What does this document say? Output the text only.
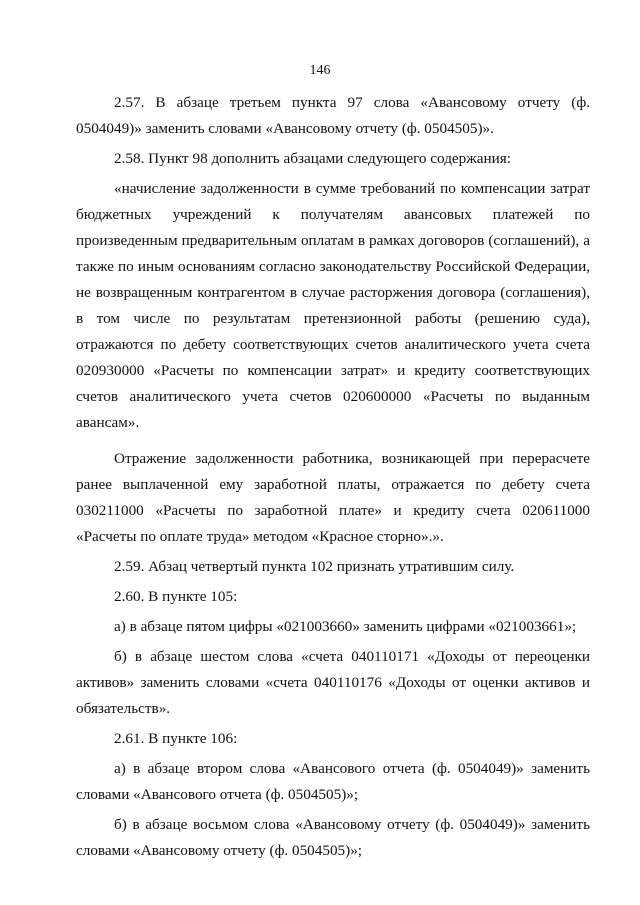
146

2.57. В абзаце третьем пункта 97 слова «Авансовому отчету (ф. 0504049)» заменить словами «Авансовому отчету (ф. 0504505)».

2.58. Пункт 98 дополнить абзацами следующего содержания:

«начисление задолженности в сумме требований по компенсации затрат бюджетных учреждений к получателям авансовых платежей по произведенным предварительным оплатам в рамках договоров (соглашений), а также по иным основаниям согласно законодательству Российской Федерации, не возвращенным контрагентом в случае расторжения договора (соглашения), в том числе по результатам претензионной работы (решению суда), отражаются по дебету соответствующих счетов аналитического учета счета 020930000 «Расчеты по компенсации затрат» и кредиту соответствующих счетов аналитического учета счетов 020600000 «Расчеты по выданным авансам».

Отражение задолженности работника, возникающей при перерасчете ранее выплаченной ему заработной платы, отражается по дебету счета 030211000 «Расчеты по заработной плате» и кредиту счета 020611000 «Расчеты по оплате труда» методом «Красное сторно».».

2.59. Абзац четвертый пункта 102 признать утратившим силу.

2.60. В пункте 105:

а) в абзаце пятом цифры «021003660» заменить цифрами «021003661»;

б) в абзаце шестом слова «счета 040110171 «Доходы от переоценки активов» заменить словами «счета 040110176 «Доходы от оценки активов и обязательств».

2.61. В пункте 106:

а) в абзаце втором слова «Авансового отчета (ф. 0504049)» заменить словами «Авансового отчета (ф. 0504505)»;

б) в абзаце восьмом слова «Авансовому отчету (ф. 0504049)» заменить словами «Авансовому отчету (ф. 0504505)»;
